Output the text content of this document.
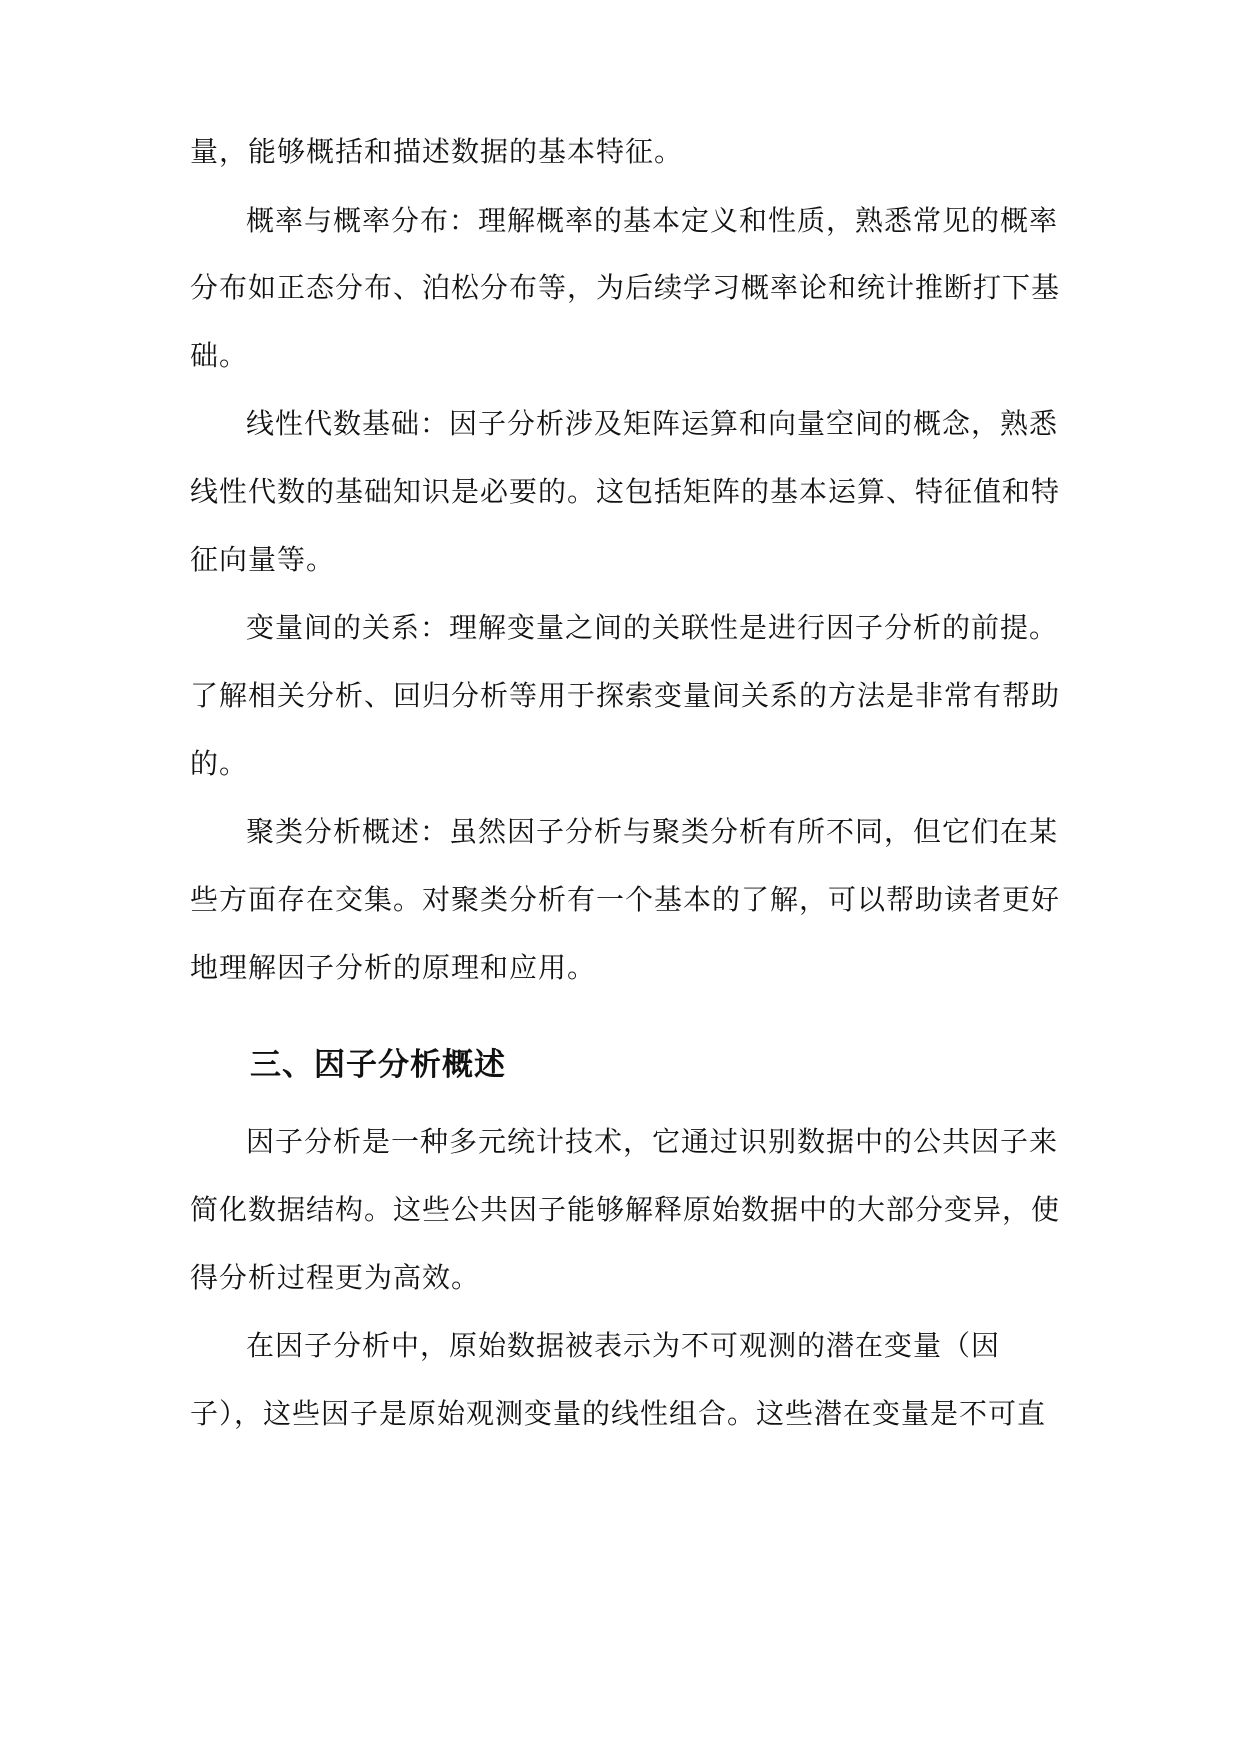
量，能够概括和描述数据的基本特征。
概率与概率分布：理解概率的基本定义和性质，熟悉常见的概率
分布如正态分布、泊松分布等，为后续学习概率论和统计推断打下基
础。
线性代数基础：因子分析涉及矩阵运算和向量空间的概念，熟悉
线性代数的基础知识是必要的。这包括矩阵的基本运算、特征值和特
征向量等。
变量间的关系：理解变量之间的关联性是进行因子分析的前提。
了解相关分析、回归分析等用于探索变量间关系的方法是非常有帮助
的。
聚类分析概述：虽然因子分析与聚类分析有所不同，但它们在某
些方面存在交集。对聚类分析有一个基本的了解，可以帮助读者更好
地理解因子分析的原理和应用。
三、因子分析概述
因子分析是一种多元统计技术，它通过识别数据中的公共因子来
简化数据结构。这些公共因子能够解释原始数据中的大部分变异，使
得分析过程更为高效。
在因子分析中，原始数据被表示为不可观测的潜在变量（因
子），这些因子是原始观测变量的线性组合。这些潜在变量是不可直
